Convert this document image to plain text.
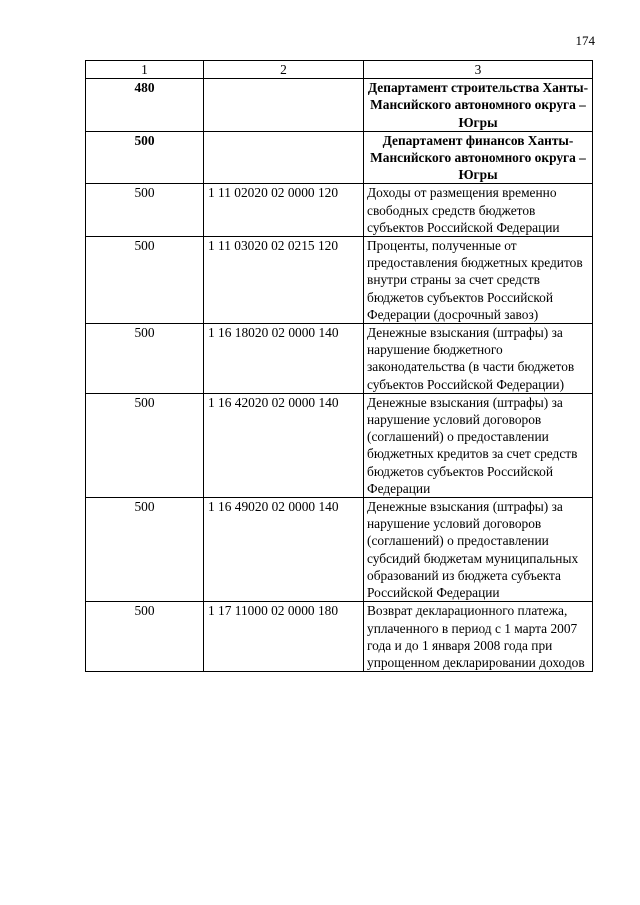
174
1	2	3
480		Департамент строительства Ханты-Мансийского автономного округа – Югры
500		Департамент финансов Ханты-Мансийского автономного округа – Югры
500	1 11 02020 02 0000 120	Доходы от размещения временно свободных средств бюджетов субъектов Российской Федерации
500	1 11 03020 02 0215 120	Проценты, полученные от предоставления бюджетных кредитов внутри страны за счет средств бюджетов субъектов Российской Федерации (досрочный завоз)
500	1 16 18020 02 0000 140	Денежные взыскания (штрафы) за нарушение бюджетного законодательства (в части бюджетов субъектов Российской Федерации)
500	1 16 42020 02 0000 140	Денежные взыскания (штрафы) за нарушение условий договоров (соглашений) о предоставлении бюджетных кредитов за счет средств бюджетов субъектов Российской Федерации
500	1 16 49020 02 0000 140	Денежные взыскания (штрафы) за нарушение условий договоров (соглашений) о предоставлении субсидий бюджетам муниципальных образований из бюджета субъекта Российской Федерации
500	1 17 11000 02 0000 180	Возврат декларационного платежа, уплаченного в период с 1 марта 2007 года и до 1 января 2008 года при упрощенном декларировании доходов
